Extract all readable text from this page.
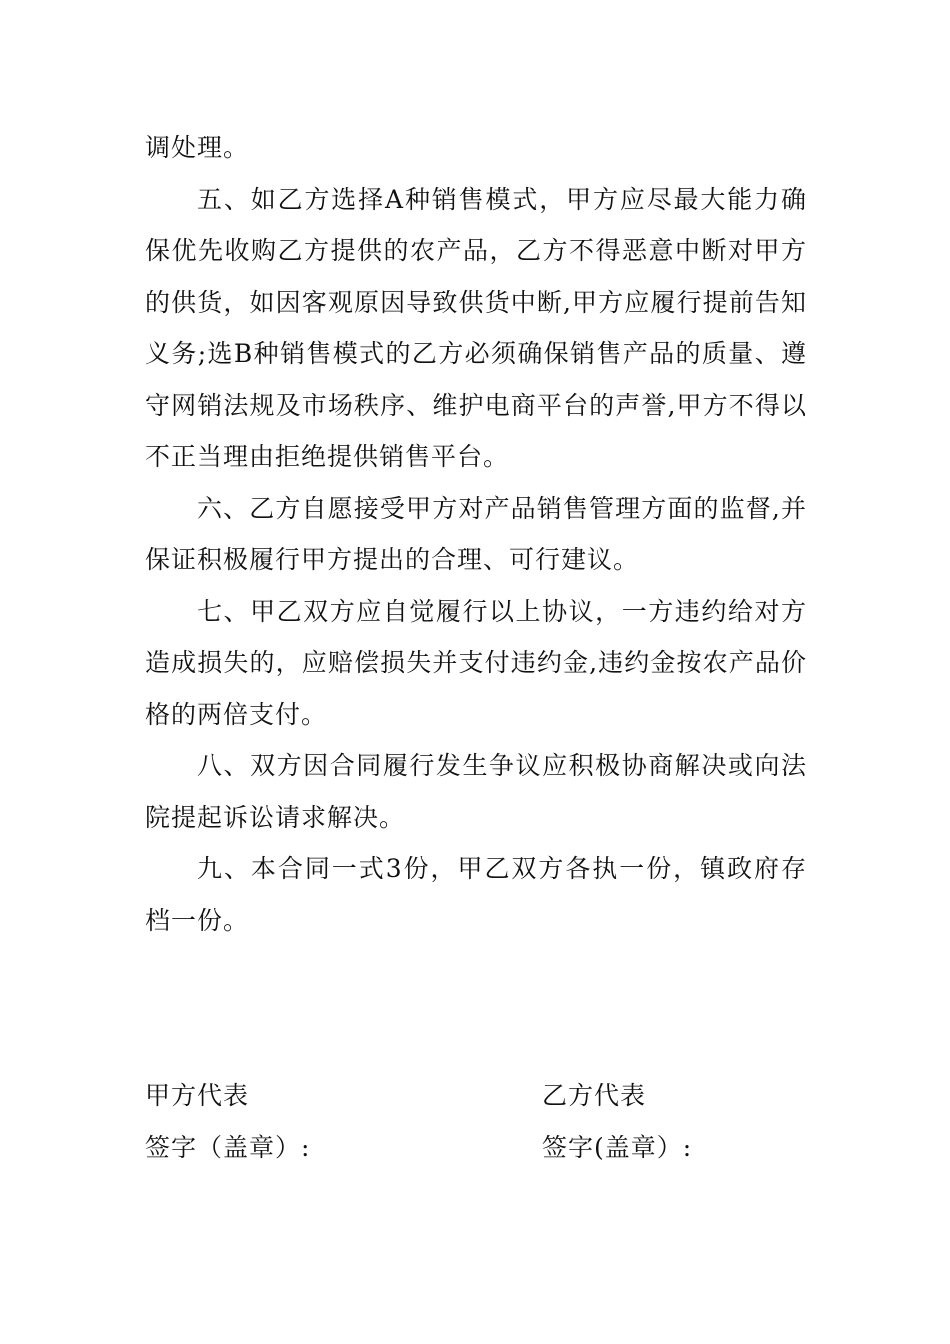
调处理。

五、如乙方选择A种销售模式，甲方应尽最大能力确保优先收购乙方提供的农产品，乙方不得恶意中断对甲方的供货，如因客观原因导致供货中断,甲方应履行提前告知义务;选B种销售模式的乙方必须确保销售产品的质量、遵守网销法规及市场秩序、维护电商平台的声誉,甲方不得以不正当理由拒绝提供销售平台。

六、乙方自愿接受甲方对产品销售管理方面的监督,并保证积极履行甲方提出的合理、可行建议。

七、甲乙双方应自觉履行以上协议，一方违约给对方造成损失的，应赔偿损失并支付违约金,违约金按农产品价格的两倍支付。

八、双方因合同履行发生争议应积极协商解决或向法院提起诉讼请求解决。

九、本合同一式3份，甲乙双方各执一份，镇政府存档一份。

甲方代表
签字（盖章）:
乙方代表
签字(盖章）:
